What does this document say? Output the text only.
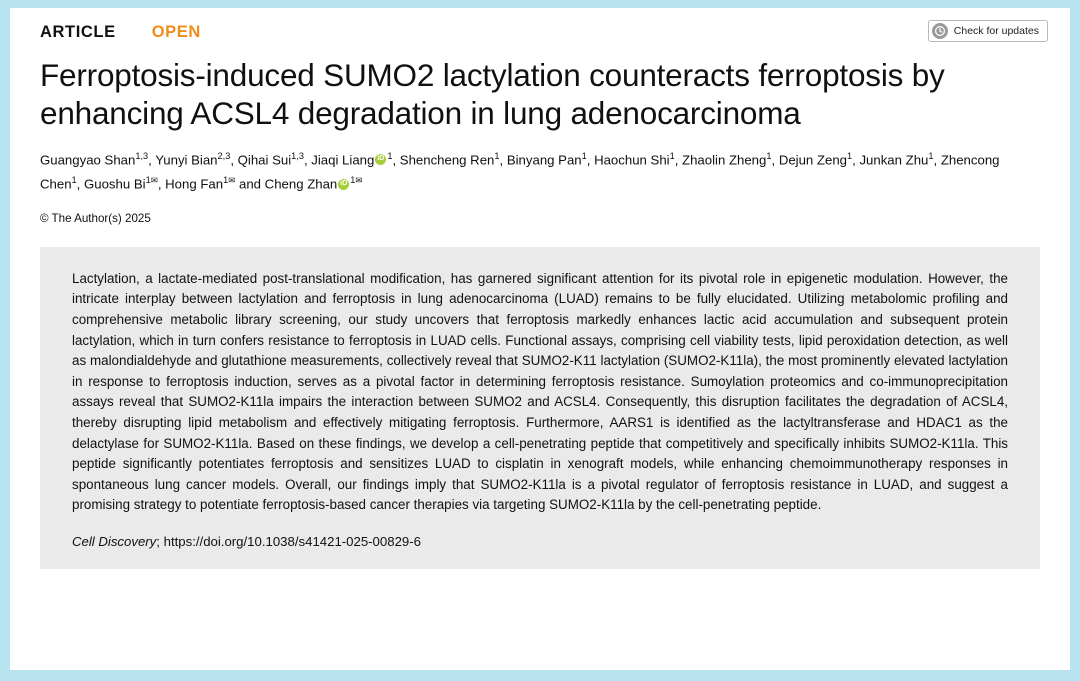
ARTICLE OPEN	Check for updates
Ferroptosis-induced SUMO2 lactylation counteracts ferroptosis by enhancing ACSL4 degradation in lung adenocarcinoma

Guangyao Shan$^{1,3}$, Yunyi Bian$^{2,3}$, Qihai Sui$^{1,3}$, Jiaqi Liang iD $^1$, Shencheng Ren$^1$, Binyang Pan$^1$, Haochun Shi$^1$, Zhaolin Zheng$^1$, Dejun Zeng$^1$, Junkan Zhu$^1$, Zhencong Chen$^1$, Guoshu $Bi^{1✉}$, Hong Fan$^{1✉}$ and Cheng Zhan iD $^{1✉}$

© The Author(s) 2025

Lactylation, a lactate-mediated post-translational modification, has garnered significant attention for its pivotal role in epigenetic modulation. However, the intricate interplay between lactylation and ferroptosis in lung adenocarcinoma (LUAD) remains to be fully elucidated. Utilizing metabolomic profiling and comprehensive metabolic library screening, our study uncovers that ferroptosis markedly enhances lactic acid accumulation and subsequent protein lactylation, which in turn confers resistance to ferroptosis in LUAD cells. Functional assays, comprising cell viability tests, lipid peroxidation detection, as well as malondialdehyde and glutathione measurements, collectively reveal that SUMO2-K11 lactylation (SUMO2-K11la), the most prominently elevated lactylation in response to ferroptosis induction, serves as a pivotal factor in determining ferroptosis resistance. Sumoylation proteomics and co-immunoprecipitation assays reveal that SUMO2-K11la impairs the interaction between SUMO2 and ACSL4. Consequently, this disruption facilitates the degradation of ACSL4, thereby disrupting lipid metabolism and effectively mitigating ferroptosis. Furthermore, AARS1 is identified as the lactyltransferase and HDAC1 as the delactylase for SUMO2-K11la. Based on these findings, we develop a cell-penetrating peptide that competitively and specifically inhibits SUMO2-K11la. This peptide significantly potentiates ferroptosis and sensitizes LUAD to cisplatin in xenograft models, while enhancing chemoimmunotherapy responses in spontaneous lung cancer models. Overall, our findings imply that SUMO2-K11la is a pivotal regulator of ferroptosis resistance in LUAD, and suggest a promising strategy to potentiate ferroptosis-based cancer therapies via targeting SUMO2-K11la by the cell-penetrating peptide.

Cell Discovery; https://doi.org/10.1038/s41421-025-00829-6
